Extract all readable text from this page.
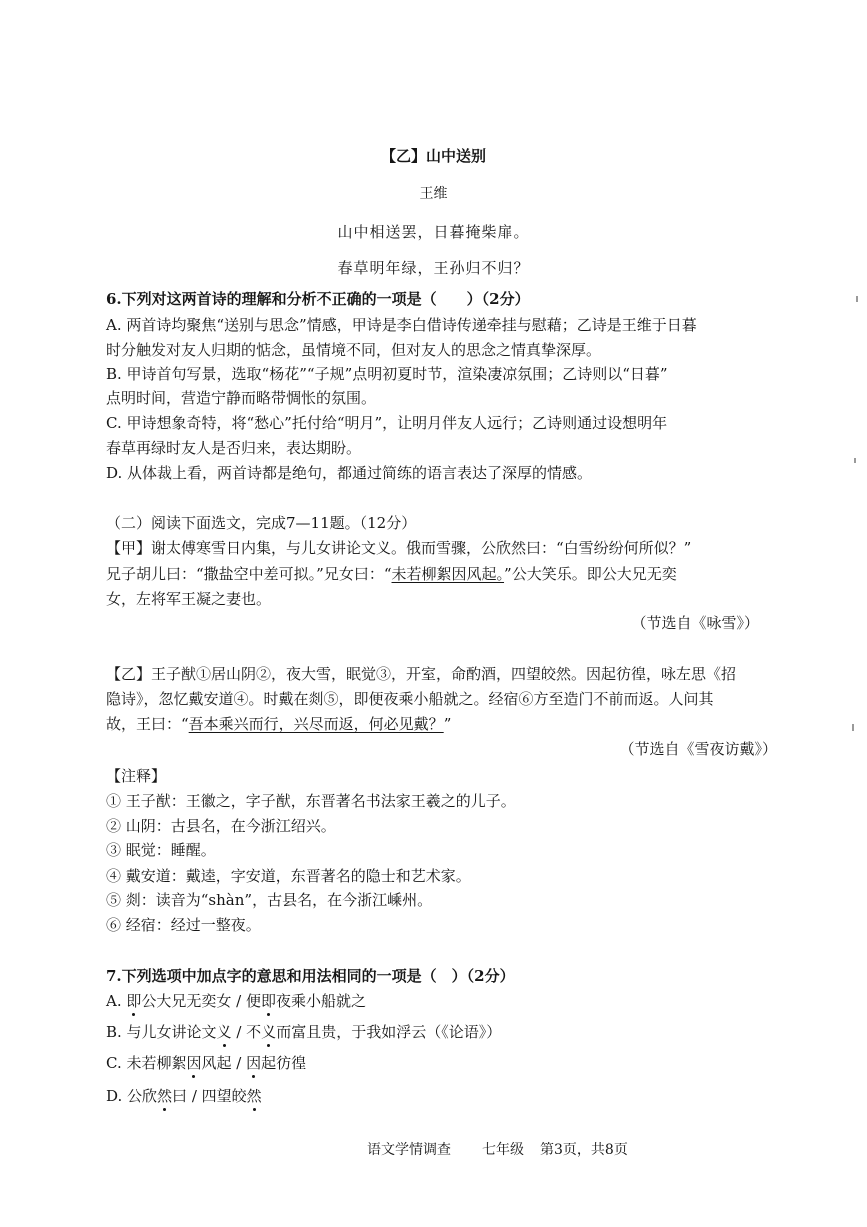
【乙】山中送别
王维
山中相送罢，日暮掩柴扉。
春草明年绿，王孙归不归？
6.下列对这两首诗的理解和分析不正确的一项是（　　）（2分）
A. 两首诗均聚焦“送别与思念”情感，甲诗是李白借诗传递牵挂与慰藉；乙诗是王维于日暮
时分触发对友人归期的惦念，虽情境不同，但对友人的思念之情真挚深厚。
B. 甲诗首句写景，选取“杨花”“子规”点明初夏时节，渲染凄凉氛围；乙诗则以“日暮”
点明时间，营造宁静而略带惆怅的氛围。
C. 甲诗想象奇特，将“愁心”托付给“明月”，让明月伴友人远行；乙诗则通过设想明年
春草再绿时友人是否归来，表达期盼。
D. 从体裁上看，两首诗都是绝句，都通过简练的语言表达了深厚的情感。
（二）阅读下面选文，完成7—11题。（12分）
【甲】谢太傅寒雪日内集，与儿女讲论文义。俄而雪骤，公欣然曰：“白雪纷纷何所似？”
兄子胡儿曰：“撒盐空中差可拟。”兄女曰：“未若柳絮因风起。”公大笑乐。即公大兄无奕
女，左将军王凝之妻也。
（节选自《咏雪》）
【乙】王子猷①居山阴②，夜大雪，眠觉③，开室，命酌酒，四望皎然。因起彷徨，咏左思《招
隐诗》，忽忆戴安道④。时戴在剡⑤，即便夜乘小船就之。经宿⑥方至造门不前而返。人问其
故，王曰：“吾本乘兴而行，兴尽而返，何必见戴？”
（节选自《雪夜访戴》）
【注释】
① 王子猷：王徽之，字子猷，东晋著名书法家王羲之的儿子。
② 山阴：古县名，在今浙江绍兴。
③ 眠觉：睡醒。
④ 戴安道：戴逵，字安道，东晋著名的隐士和艺术家。
⑤ 剡：读音为“shàn”，古县名，在今浙江嵊州。
⑥ 经宿：经过一整夜。
7.下列选项中加点字的意思和用法相同的一项是（　）（2分）
A. 即公大兄无奕女 / 便即夜乘小船就之
B. 与儿女讲论文义 / 不义而富且贵，于我如浮云（《论语》）
C. 未若柳絮因风起 / 因起彷徨
D. 公欣然曰 / 四望皎然
语文学情调查 七年级 第3页，共8页
